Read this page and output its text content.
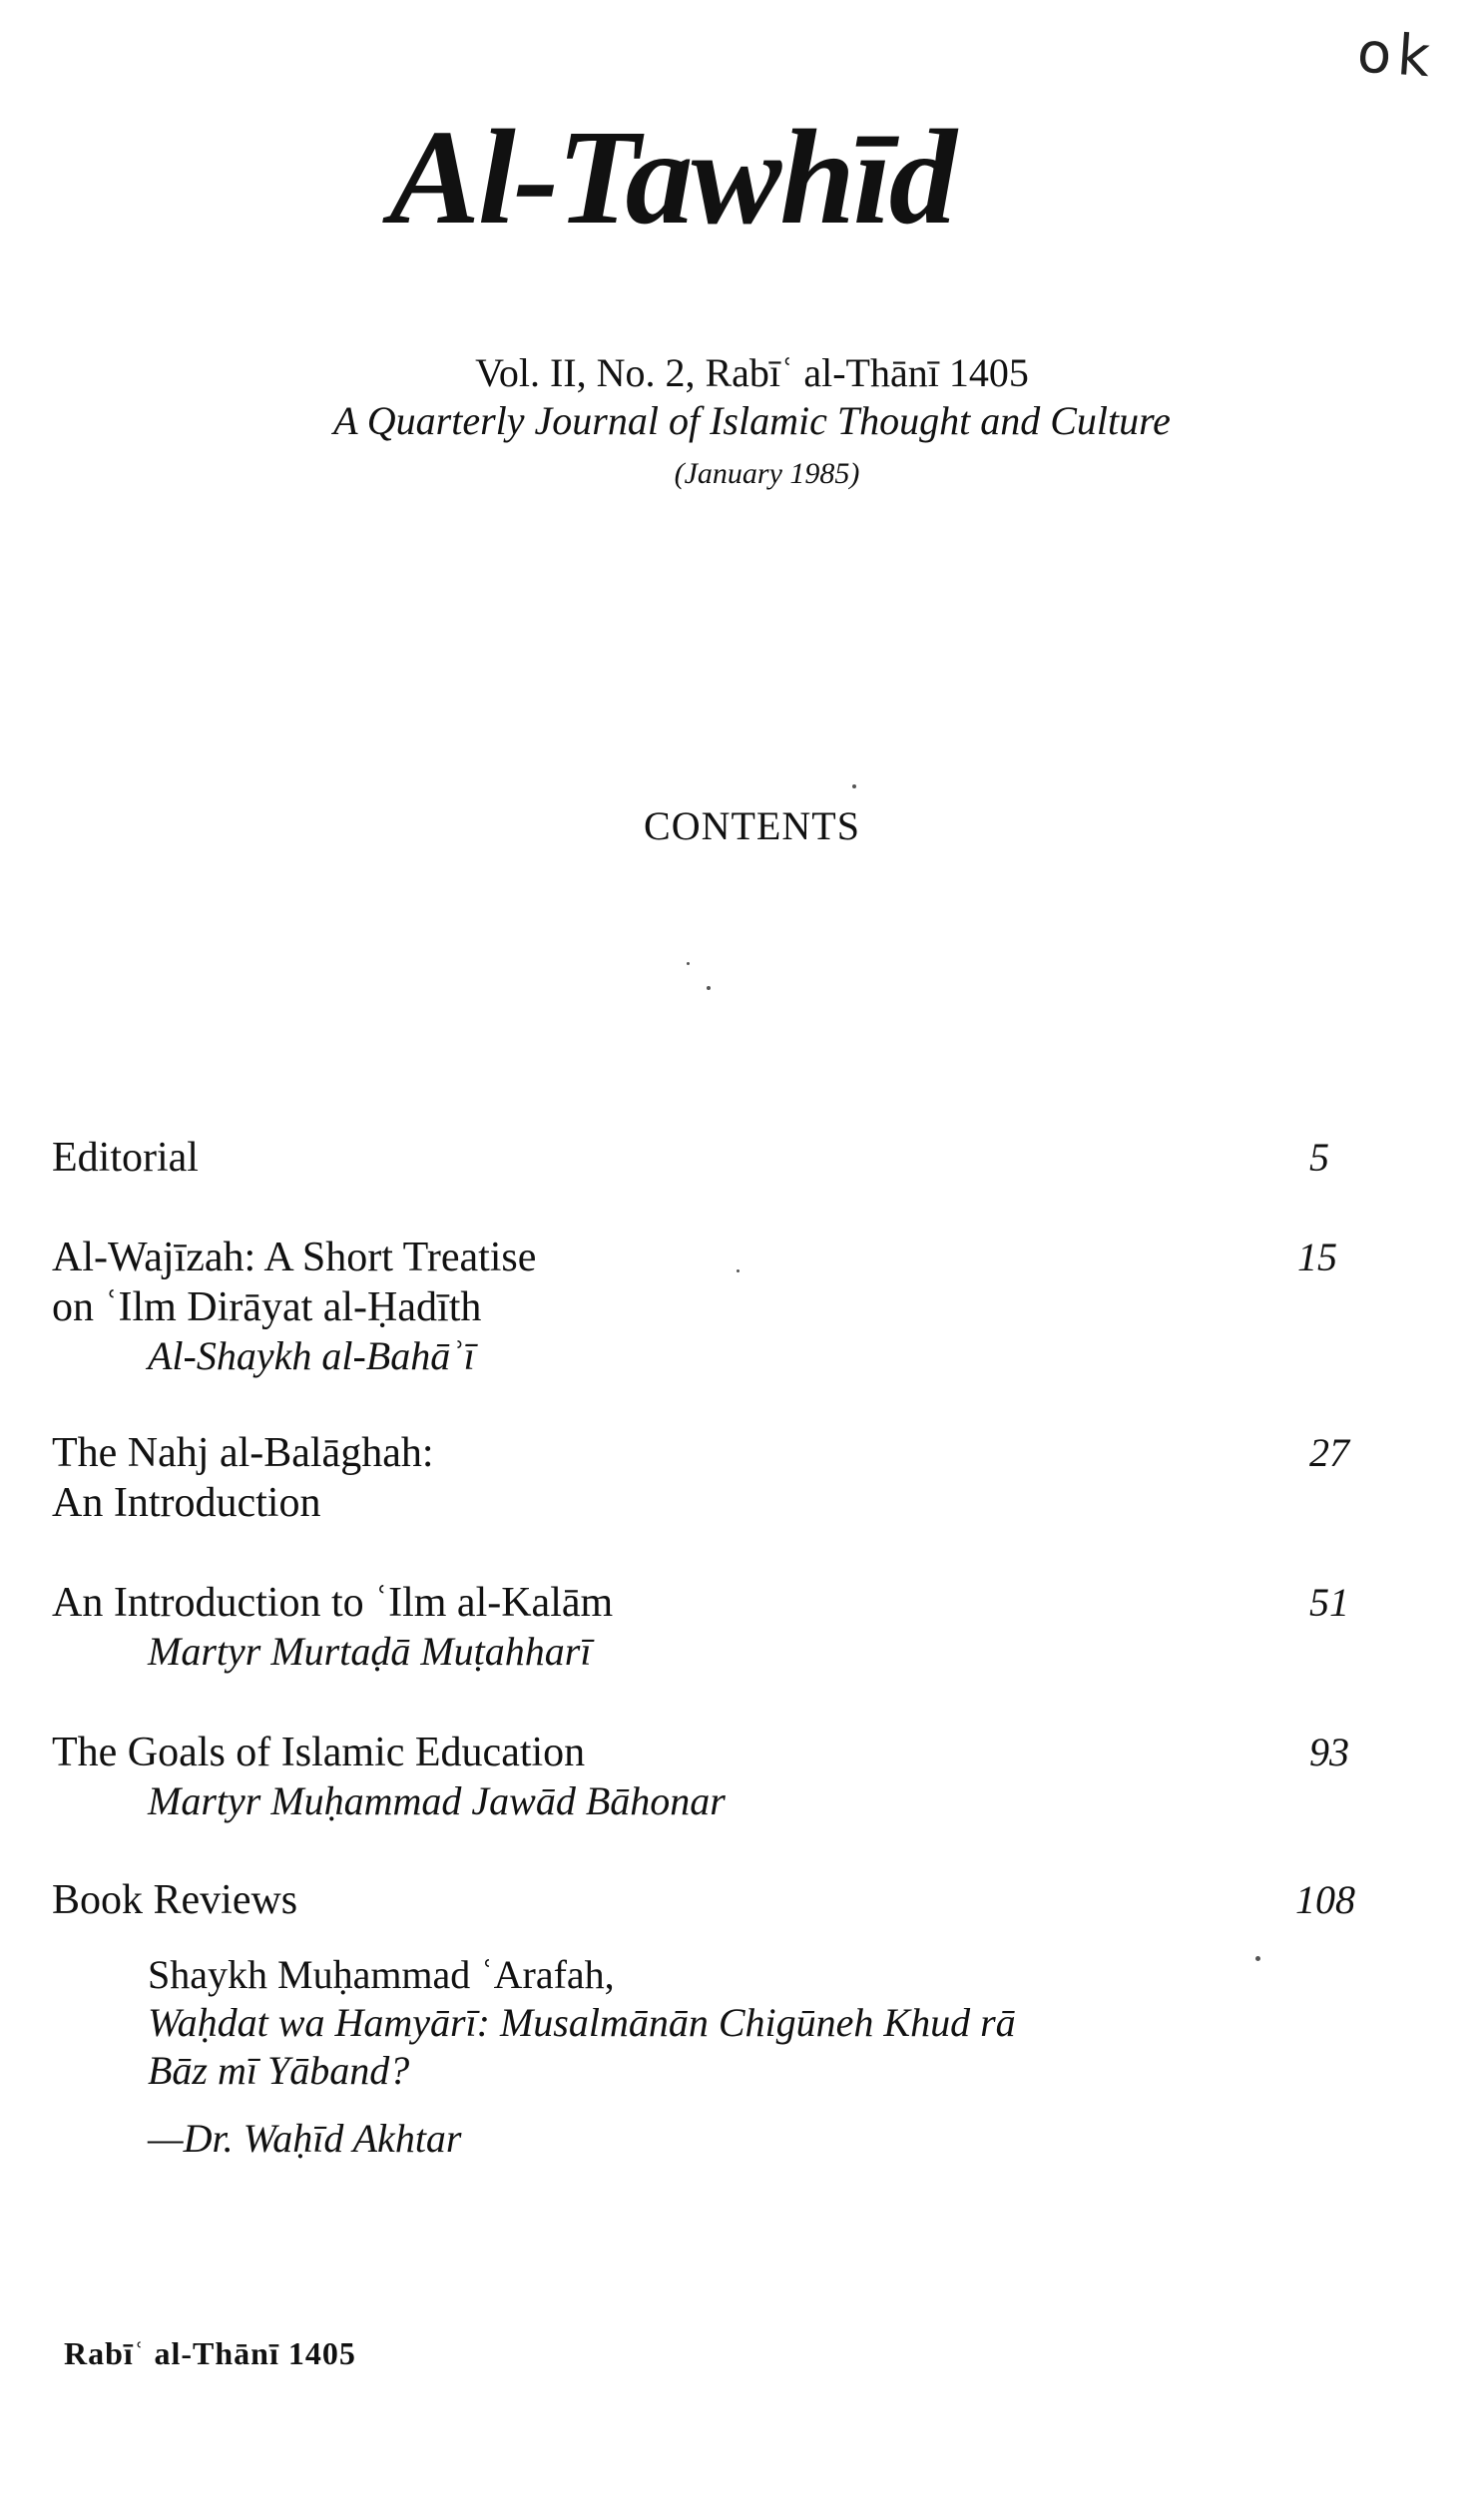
ok
Al-Tawhīd
Vol. II, No. 2, Rabīʿ al-Thānī 1405
A Quarterly Journal of Islamic Thought and Culture
(January 1985)
CONTENTS
Editorial	5
Al-Wajīzah: A Short Treatise
on ʿIlm Dirāyat al-Ḥadīth
Al-Shaykh al-Bahāʾī
15
The Nahj al-Balāghah:
An Introduction
27
An Introduction to ʿIlm al-Kalām
Martyr Murtaḍā Muṭahharī
51
The Goals of Islamic Education
Martyr Muḥammad Jawād Bāhonar
93
Book Reviews	108
Shaykh Muḥammad ʿArafah,
Waḥdat wa Hamyārī: Musalmānān Chigūneh Khud rā
Bāz mī Yāband?
—Dr. Waḥīd Akhtar
Rabīʿ al-Thānī 1405
